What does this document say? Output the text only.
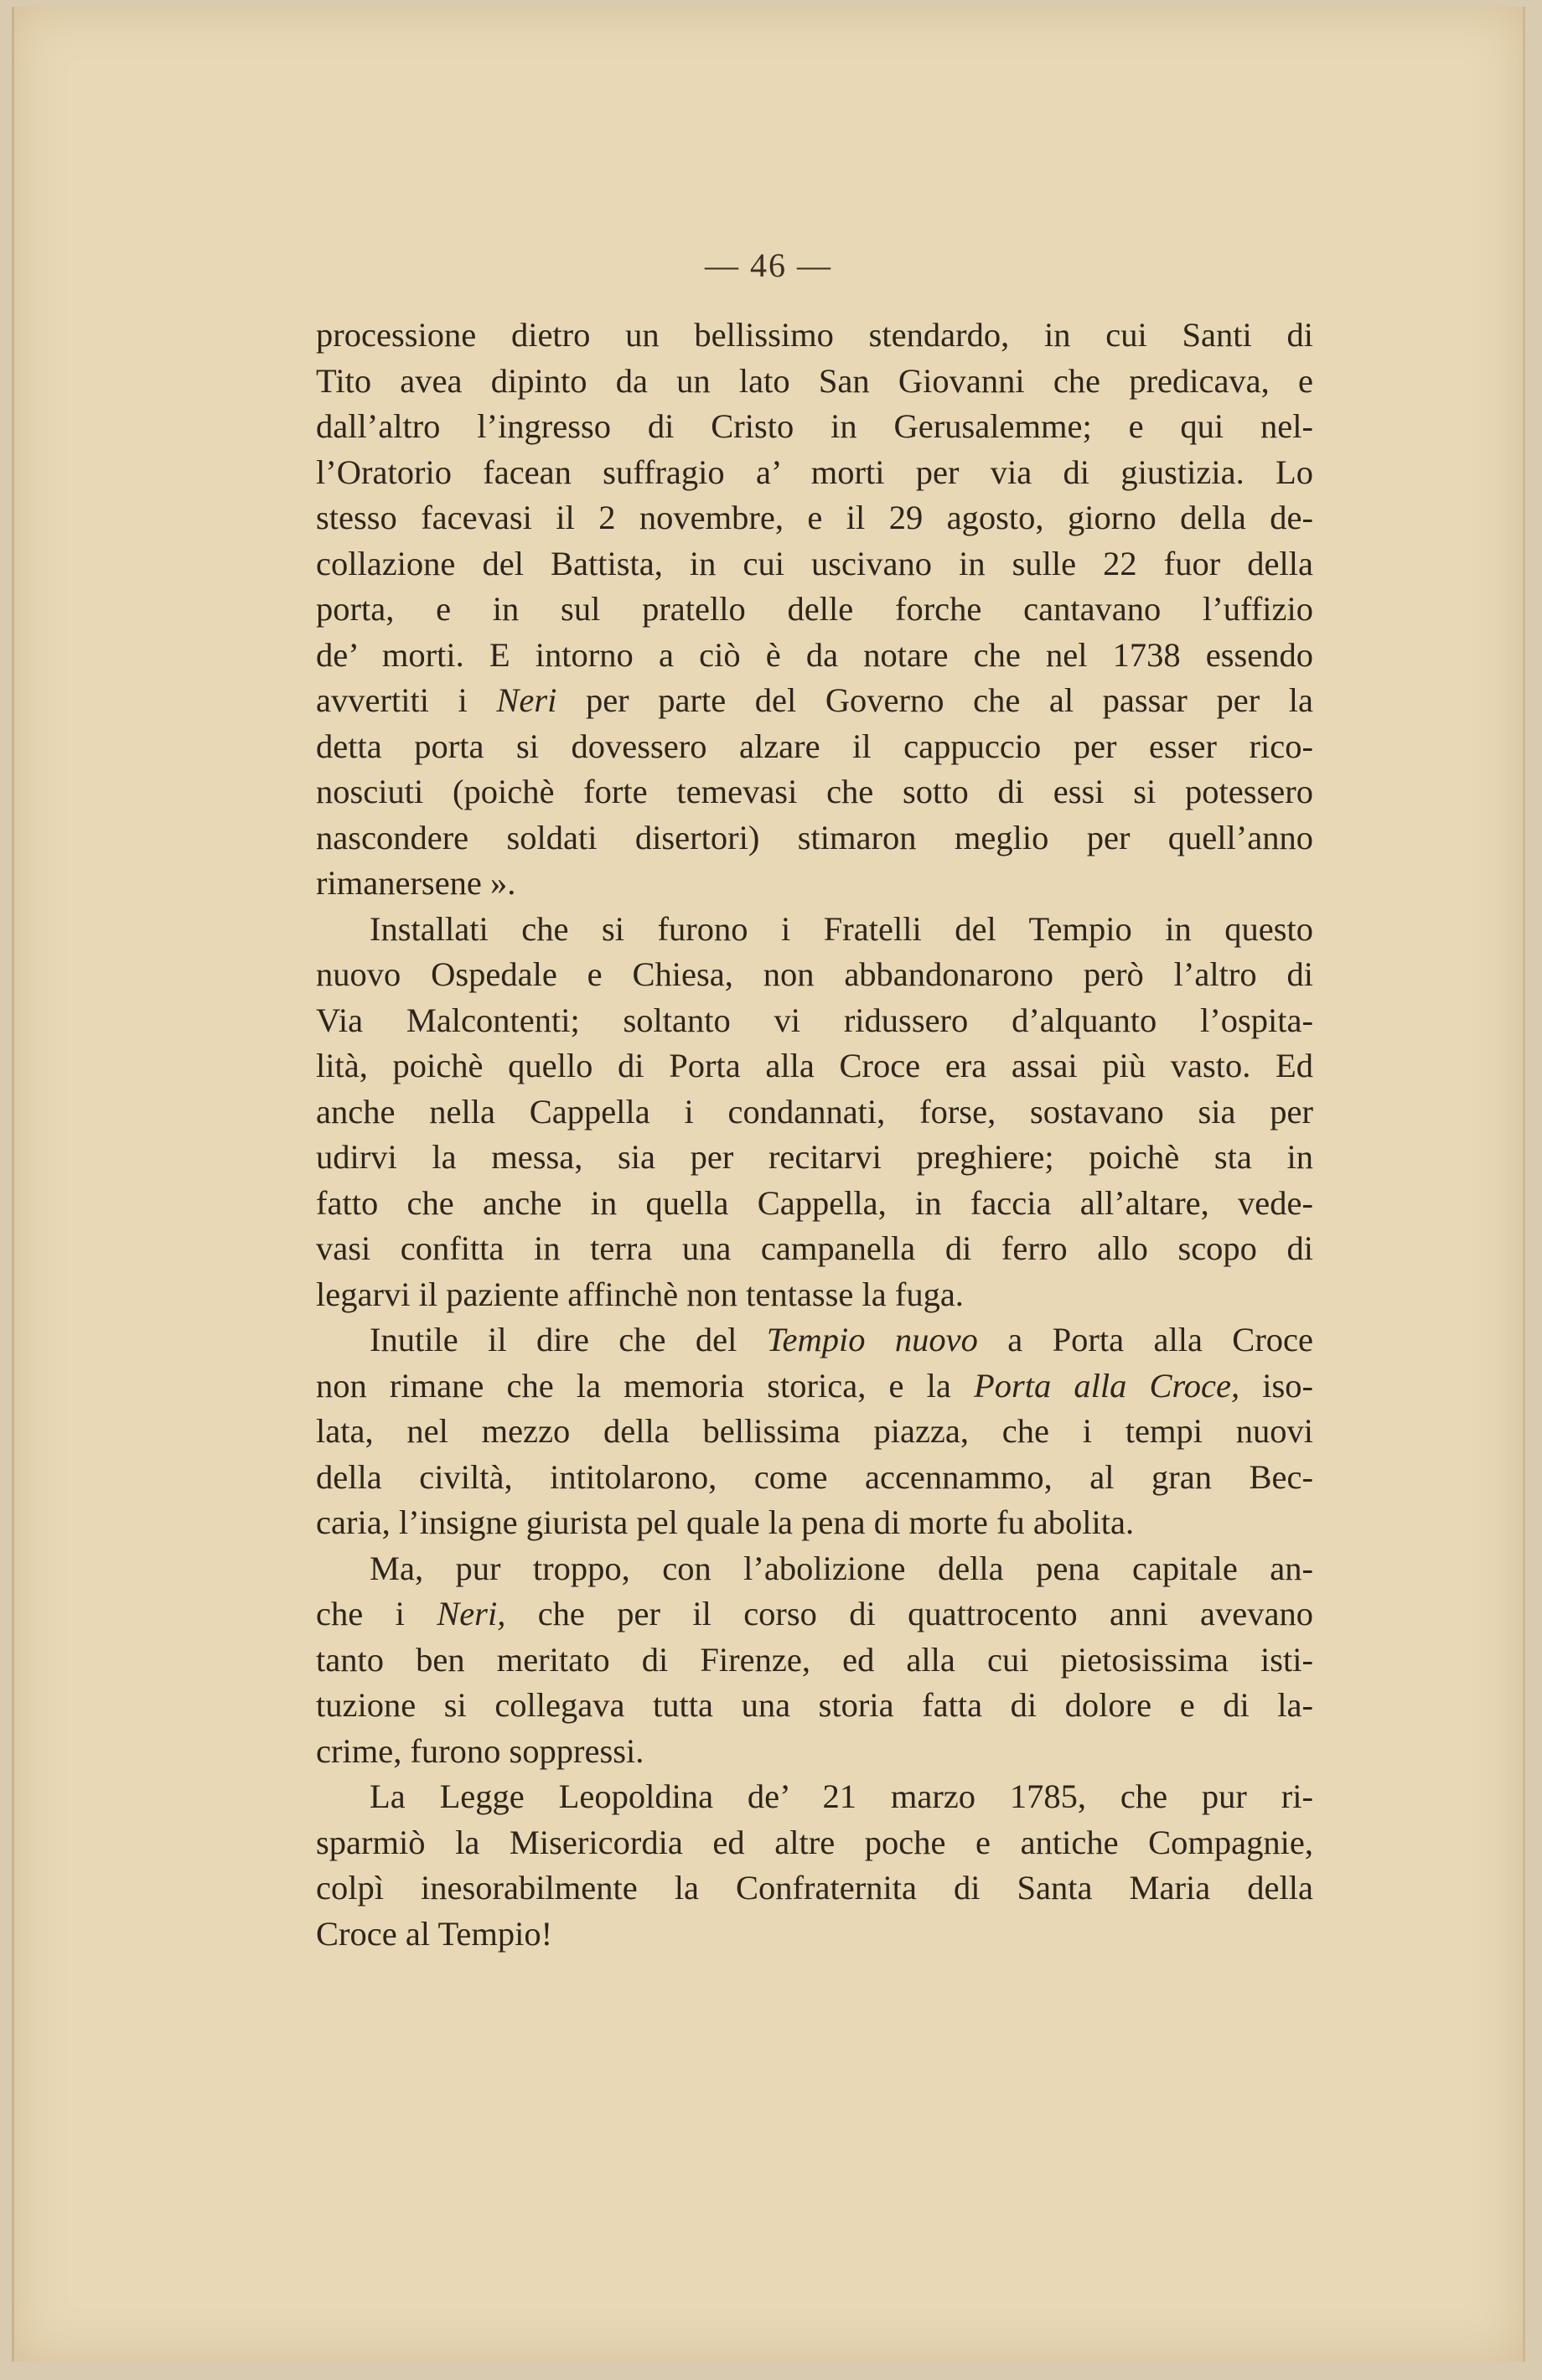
— 46 —
processione dietro un bellissimo stendardo, in cui Santi di
Tito avea dipinto da un lato San Giovanni che predicava, e
dall’altro l’ingresso di Cristo in Gerusalemme; e qui nel-
l’Oratorio facean suffragio a’ morti per via di giustizia. Lo
stesso facevasi il 2 novembre, e il 29 agosto, giorno della de-
collazione del Battista, in cui uscivano in sulle 22 fuor della
porta, e in sul pratello delle forche cantavano l’uffizio
de’ morti. E intorno a ciò è da notare che nel 1738 essendo
avvertiti i Neri per parte del Governo che al passar per la
detta porta si dovessero alzare il cappuccio per esser rico-
nosciuti (poichè forte temevasi che sotto di essi si potessero
nascondere soldati disertori) stimaron meglio per quell’anno
rimanersene ».
Installati che si furono i Fratelli del Tempio in questo
nuovo Ospedale e Chiesa, non abbandonarono però l’altro di
Via Malcontenti; soltanto vi ridussero d’alquanto l’ospita-
lità, poichè quello di Porta alla Croce era assai più vasto. Ed
anche nella Cappella i condannati, forse, sostavano sia per
udirvi la messa, sia per recitarvi preghiere; poichè sta in
fatto che anche in quella Cappella, in faccia all’altare, vede-
vasi confitta in terra una campanella di ferro allo scopo di
legarvi il paziente affinchè non tentasse la fuga.
Inutile il dire che del Tempio nuovo a Porta alla Croce
non rimane che la memoria storica, e la Porta alla Croce, iso-
lata, nel mezzo della bellissima piazza, che i tempi nuovi
della civiltà, intitolarono, come accennammo, al gran Bec-
caria, l’insigne giurista pel quale la pena di morte fu abolita.
Ma, pur troppo, con l’abolizione della pena capitale an-
che i Neri, che per il corso di quattrocento anni avevano
tanto ben meritato di Firenze, ed alla cui pietosissima isti-
tuzione si collegava tutta una storia fatta di dolore e di la-
crime, furono soppressi.
La Legge Leopoldina de’ 21 marzo 1785, che pur ri-
sparmiò la Misericordia ed altre poche e antiche Compagnie,
colpì inesorabilmente la Confraternita di Santa Maria della
Croce al Tempio!
